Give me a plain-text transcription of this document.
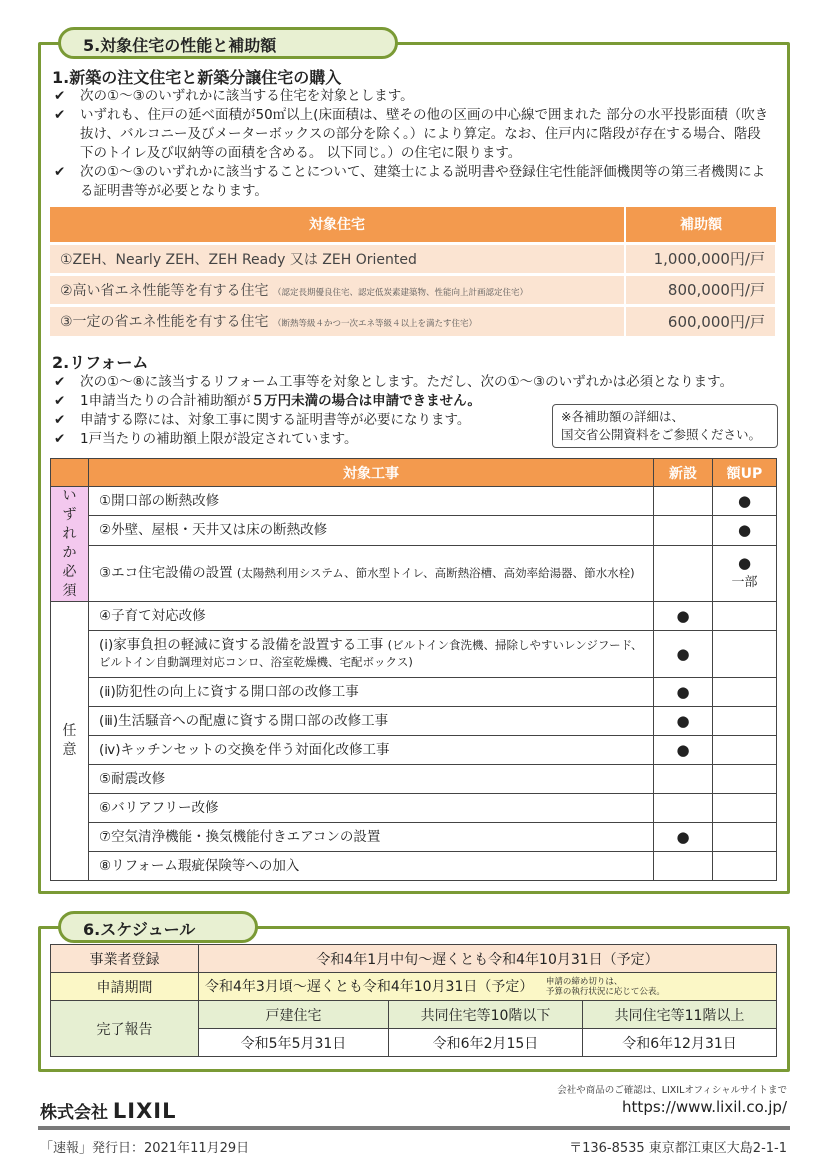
5.対象住宅の性能と補助額
1.新築の注文住宅と新築分譲住宅の購入
✔ 次の①～③のいずれかに該当する住宅を対象とします。
✔ いずれも、住戸の延べ面積が50㎡以上(床面積は、壁その他の区画の中心線で囲まれた 部分の水平投影面積（吹き抜け、バルコニー及びメーターボックスの部分を除く。）により算定。なお、住戸内に階段が存在する場合、階段下のトイレ及び収納等の面積を含める。 以下同じ。）の住宅に限ります。
✔ 次の①～③のいずれかに該当することについて、建築士による説明書や登録住宅性能評価機関等の第三者機関による証明書等が必要となります。
対象住宅	補助額
①ZEH、Nearly ZEH、ZEH Ready 又は ZEH Oriented	1,000,000円/戸
②高い省エネ性能等を有する住宅 （認定長期優良住宅、認定低炭素建築物、性能向上計画認定住宅）	800,000円/戸
③一定の省エネ性能を有する住宅 （断熱等級４かつ一次エネ等級４以上を満たす住宅）	600,000円/戸
2.リフォーム
✔ 次の①～⑧に該当するリフォーム工事等を対象とします。ただし、次の①～③のいずれかは必須となります。
✔ 1申請当たりの合計補助額が５万円未満の場合は申請できません。
✔ 申請する際には、対象工事に関する証明書等が必要になります。
✔ 1戸当たりの補助額上限が設定されています。
※各補助額の詳細は、
国交省公開資料をご参照ください。
	対象工事	新設	額UP

いずれか必須	①開口部の断熱改修		●
	②外壁、屋根・天井又は床の断熱改修		●
	③エコ住宅設備の設置 (太陽熱利用システム、節水型トイレ、高断熱浴槽、高効率給湯器、節水水栓)		●
一部

任意	④子育て対応改修	●	
	(ⅰ)家事負担の軽減に資する設備を設置する工事 (ビルトイン食洗機、掃除しやすいレンジフード、ビルトイン自動調理対応コンロ、浴室乾燥機、宅配ボックス)	●	
	(ⅱ)防犯性の向上に資する開口部の改修工事	●	
	(ⅲ)生活騒音への配慮に資する開口部の改修工事	●	
	(ⅳ)キッチンセットの交換を伴う対面化改修工事	●	
	⑤耐震改修		
	⑥バリアフリー改修		
	⑦空気清浄機能・換気機能付きエアコンの設置	●	
	⑧リフォーム瑕疵保険等への加入		
6.スケジュール
事業者登録	令和4年1月中旬～遅くとも令和4年10月31日（予定）		
申請期間	令和4年3月頃～遅くとも令和4年10月31日（予定） 申請の締め切りは、
予算の執行状況に応じて公表。		

完了報告	戸建住宅	共同住宅等10階以下	共同住宅等11階以上
	令和5年5月31日	令和6年2月15日	令和6年12月31日
株式会社 LIXIL
会社や商品のご確認は、LIXILオフィシャルサイトまで
https://www.lixil.co.jp/
「速報」発行日：2021年11月29日	〒136-8535 東京都江東区大島2-1-1
